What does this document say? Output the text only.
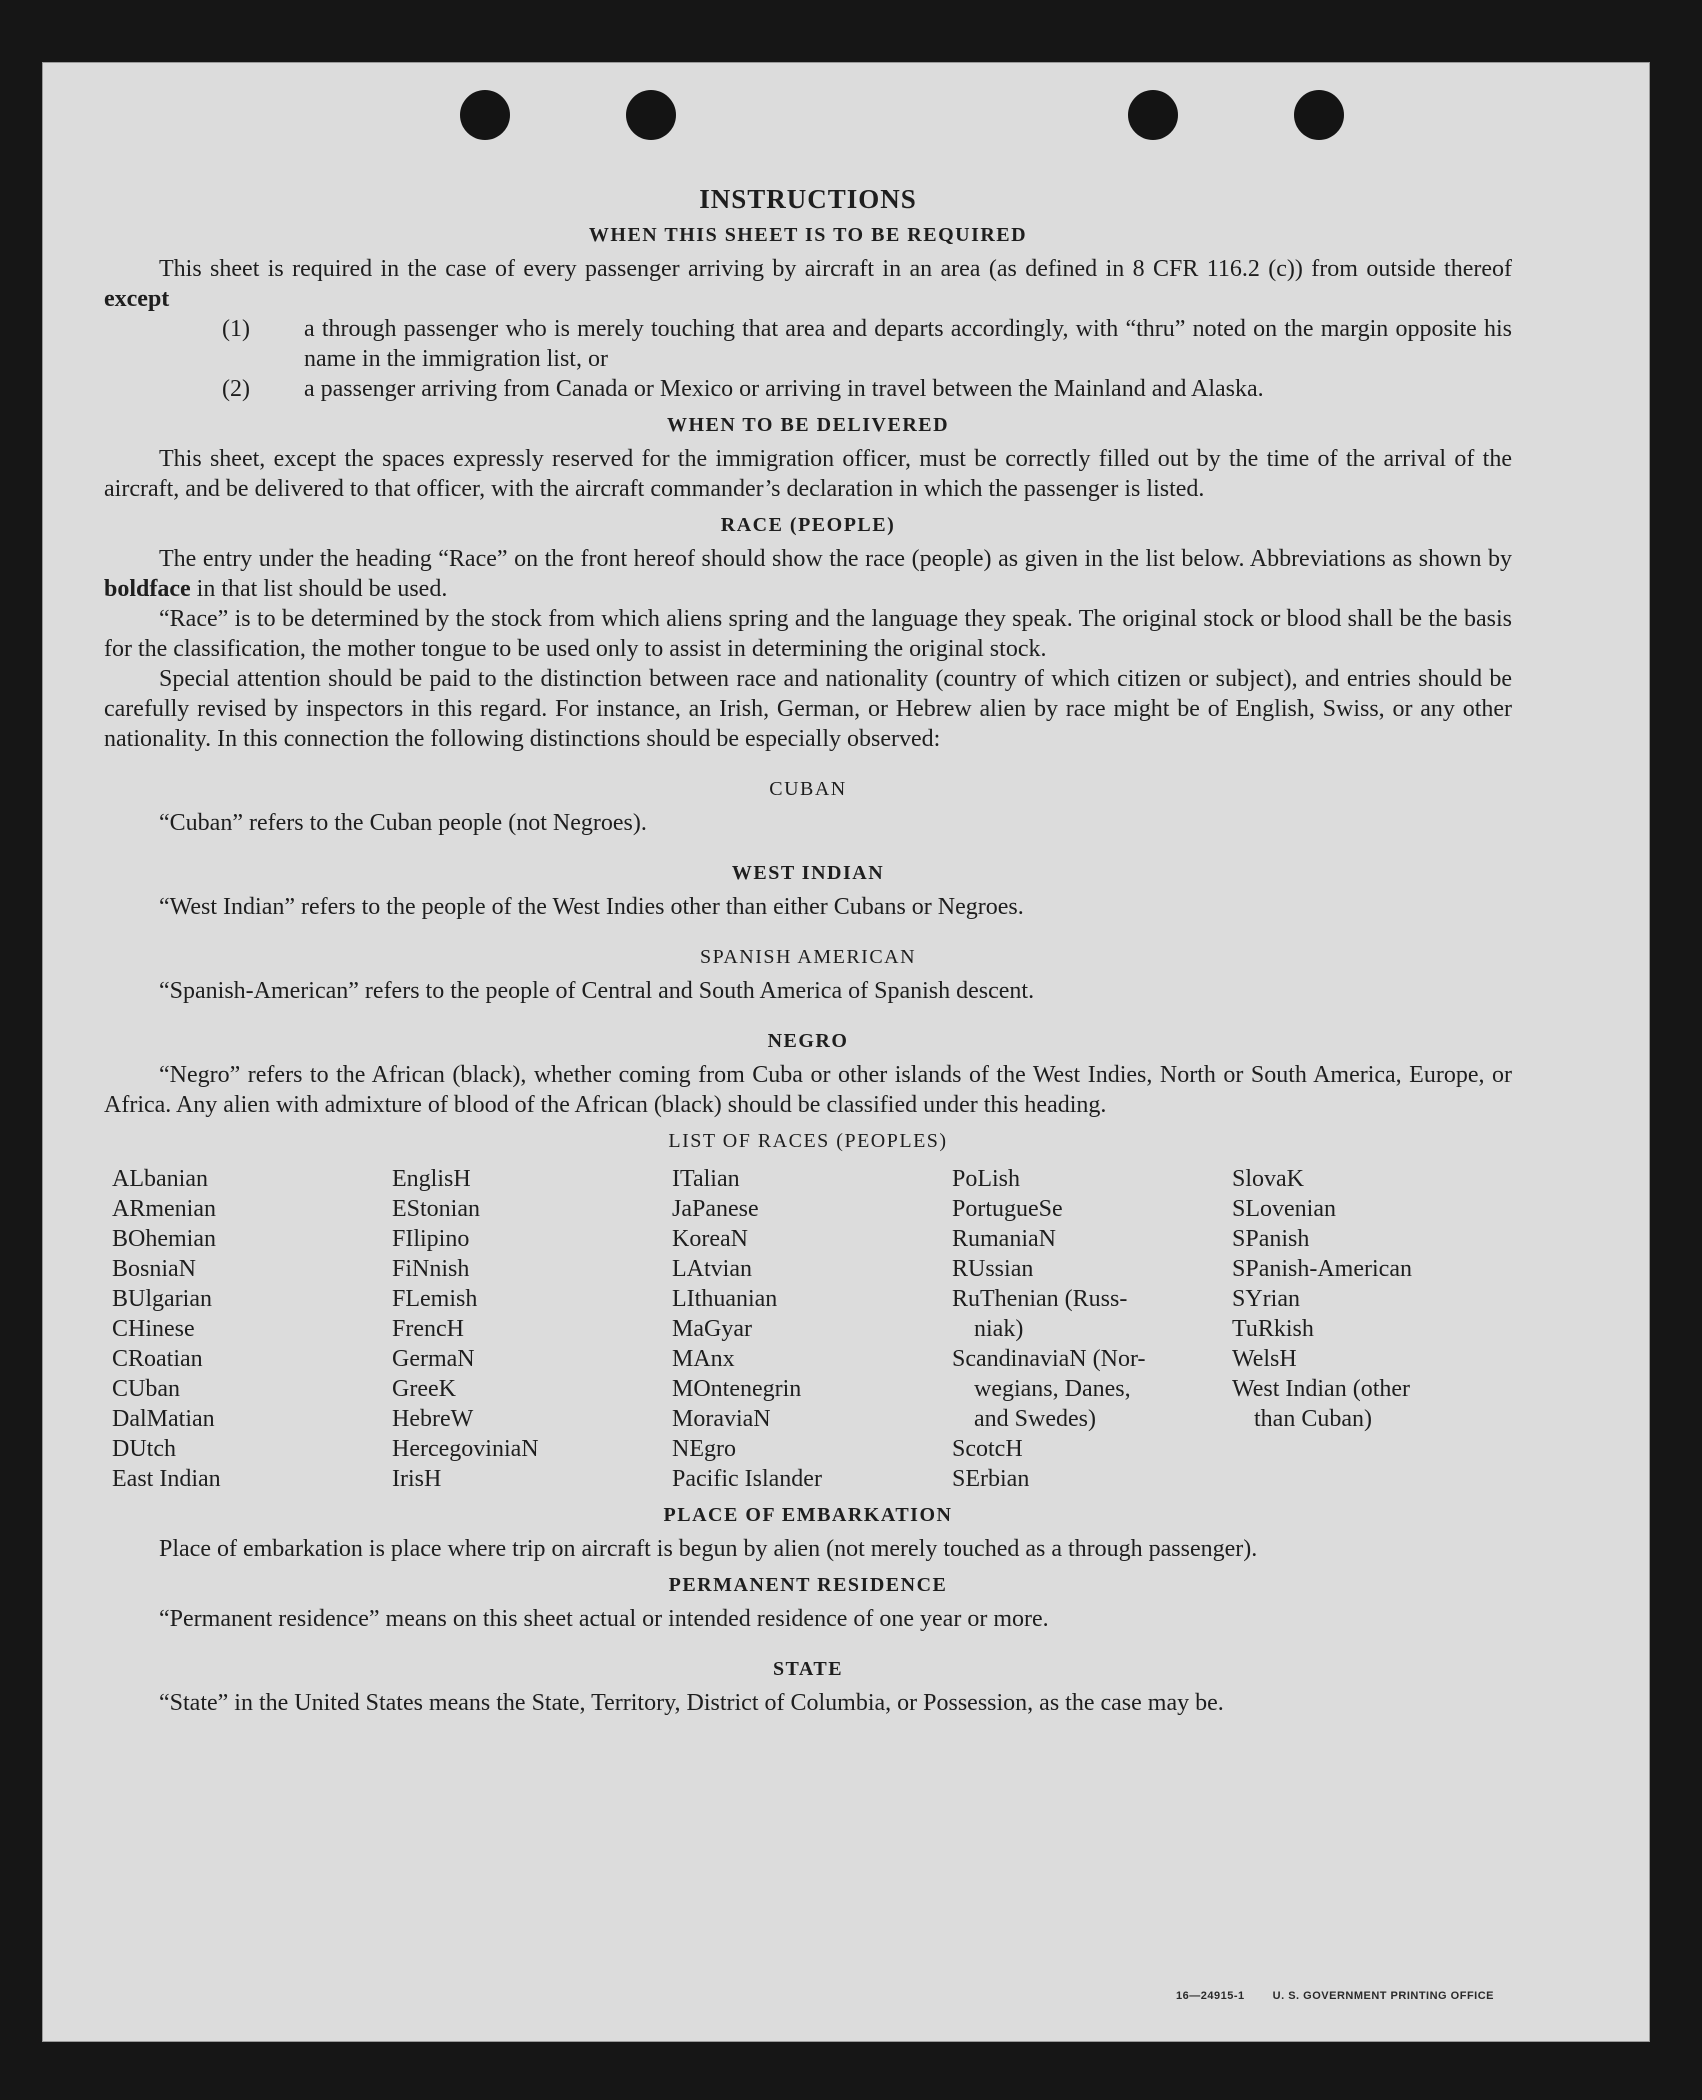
INSTRUCTIONS
WHEN THIS SHEET IS TO BE REQUIRED

This sheet is required in the case of every passenger arriving by aircraft in an area (as defined in 8 CFR 116.2 (c)) from outside thereof except

(1) a through passenger who is merely touching that area and departs accordingly, with “thru” noted on the margin opposite his name in the immigration list, or
(2) a passenger arriving from Canada or Mexico or arriving in travel between the Mainland and Alaska.
WHEN TO BE DELIVERED

This sheet, except the spaces expressly reserved for the immigration officer, must be correctly filled out by the time of the arrival of the aircraft, and be delivered to that officer, with the aircraft commander’s declaration in which the passenger is listed.

RACE (PEOPLE)

The entry under the heading “Race” on the front hereof should show the race (people) as given in the list below. Abbreviations as shown by boldface in that list should be used.

“Race” is to be determined by the stock from which aliens spring and the language they speak. The original stock or blood shall be the basis for the classification, the mother tongue to be used only to assist in determining the original stock.

Special attention should be paid to the distinction between race and nationality (country of which citizen or subject), and entries should be carefully revised by inspectors in this regard. For instance, an Irish, German, or Hebrew alien by race might be of English, Swiss, or any other nationality. In this connection the following distinctions should be especially observed:

CUBAN

“Cuban” refers to the Cuban people (not Negroes).

WEST INDIAN

“West Indian” refers to the people of the West Indies other than either Cubans or Negroes.

SPANISH AMERICAN

“Spanish-American” refers to the people of Central and South America of Spanish descent.

NEGRO

“Negro” refers to the African (black), whether coming from Cuba or other islands of the West Indies, North or South America, Europe, or Africa. Any alien with admixture of blood of the African (black) should be classified under this heading.

LIST OF RACES (PEOPLES)
ALbanian
ARmenian
BOhemian
BosniaN
BUlgarian
CHinese
CRoatian
CUban
DalMatian
DUtch
East Indian
EnglisH
EStonian
FIlipino
FiNnish
FLemish
FrencH
GermaN
GreeK
HebreW
HercegoviniaN
IrisH
ITalian
JaPanese
KoreaN
LAtvian
LIthuanian
MaGyar
MAnx
MOntenegrin
MoraviaN
NEgro
Pacific Islander
PoLish
PortugueSe
RumaniaN
RUssian
RuThenian (Russ-
niak)
ScandinaviaN (Nor-
wegians, Danes,
and Swedes)
ScotcH
SErbian
SlovaK
SLovenian
SPanish
SPanish-American
SYrian
TuRkish
WelsH
West Indian (other
than Cuban)
PLACE OF EMBARKATION

Place of embarkation is place where trip on aircraft is begun by alien (not merely touched as a through passenger).

PERMANENT RESIDENCE

“Permanent residence” means on this sheet actual or intended residence of one year or more.

STATE

“State” in the United States means the State, Territory, District of Columbia, or Possession, as the case may be.

16—24915-1	U. S. GOVERNMENT PRINTING OFFICE
